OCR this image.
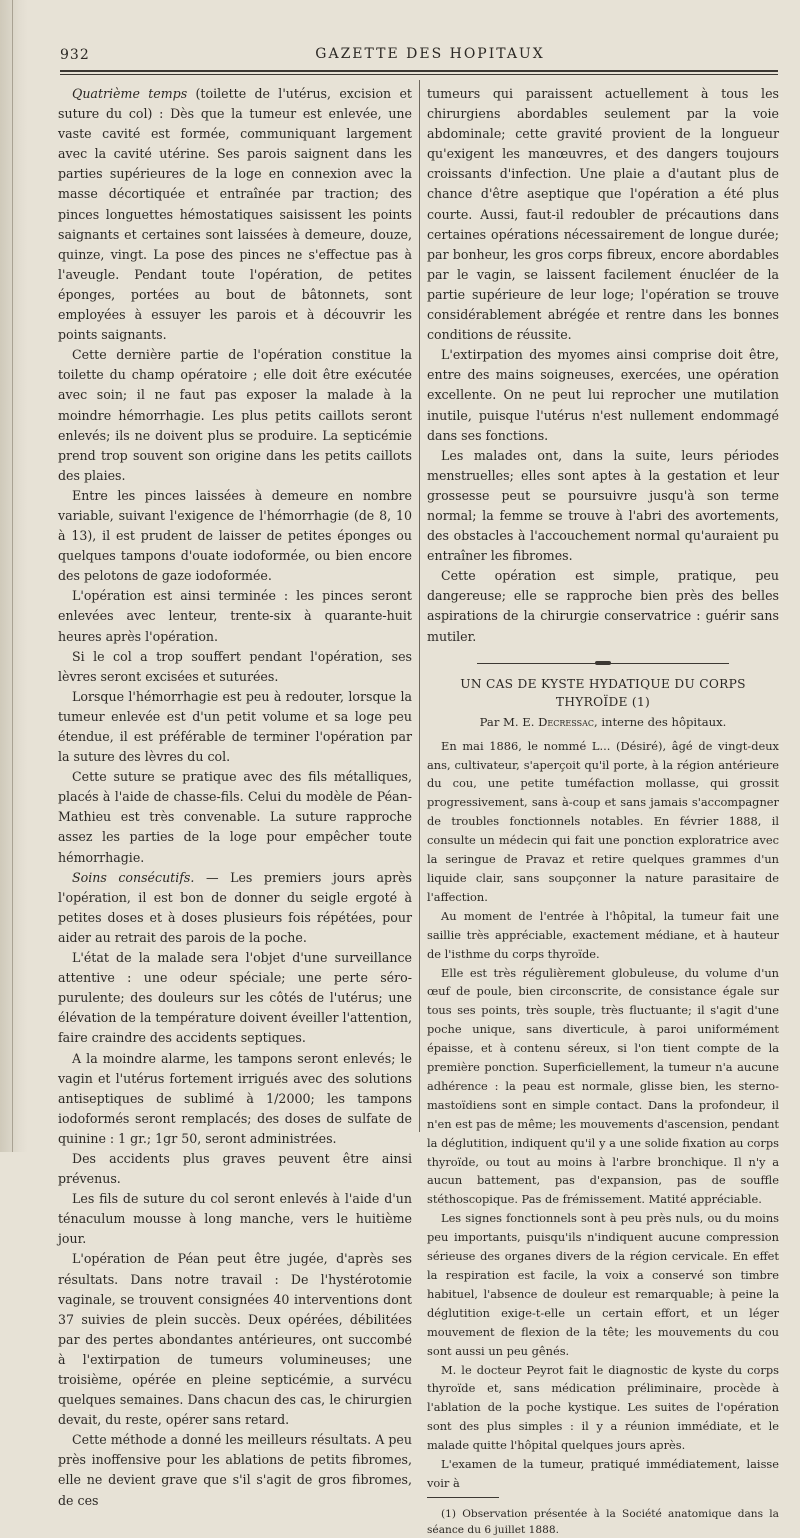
932	GAZETTE DES HOPITAUX

Quatrième temps (toilette de l'utérus, excision et suture du col) : Dès que la tumeur est enlevée, une vaste cavité est formée, communiquant largement avec la cavité utérine. Ses parois saignent dans les parties supérieures de la loge en connexion avec la masse décortiquée et entraînée par traction; des pinces longuettes hémostatiques saisissent les points saignants et certaines sont laissées à demeure, douze, quinze, vingt. La pose des pinces ne s'effectue pas à l'aveugle. Pendant toute l'opération, de petites éponges, portées au bout de bâtonnets, sont employées à essuyer les parois et à découvrir les points saignants.

Cette dernière partie de l'opération constitue la toilette du champ opératoire ; elle doit être exécutée avec soin; il ne faut pas exposer la malade à la moindre hémorrhagie. Les plus petits caillots seront enlevés; ils ne doivent plus se produire. La septicémie prend trop souvent son origine dans les petits caillots des plaies.

Entre les pinces laissées à demeure en nombre variable, suivant l'exigence de l'hémorrhagie (de 8, 10 à 13), il est prudent de laisser de petites éponges ou quelques tampons d'ouate iodoformée, ou bien encore des pelotons de gaze iodoformée.

L'opération est ainsi terminée : les pinces seront enlevées avec lenteur, trente-six à quarante-huit heures après l'opération.

Si le col a trop souffert pendant l'opération, ses lèvres seront excisées et suturées.

Lorsque l'hémorrhagie est peu à redouter, lorsque la tumeur enlevée est d'un petit volume et sa loge peu étendue, il est préférable de terminer l'opération par la suture des lèvres du col.

Cette suture se pratique avec des fils métalliques, placés à l'aide de chasse-fils. Celui du modèle de Péan-Mathieu est très convenable. La suture rapproche assez les parties de la loge pour empêcher toute hémorrhagie.

Soins consécutifs. — Les premiers jours après l'opération, il est bon de donner du seigle ergoté à petites doses et à doses plusieurs fois répétées, pour aider au retrait des parois de la poche.

L'état de la malade sera l'objet d'une surveillance attentive : une odeur spéciale; une perte séro-purulente; des douleurs sur les côtés de l'utérus; une élévation de la température doivent éveiller l'attention, faire craindre des accidents septiques.

A la moindre alarme, les tampons seront enlevés; le vagin et l'utérus fortement irrigués avec des solutions antiseptiques de sublimé à 1/2000; les tampons iodoformés seront remplacés; des doses de sulfate de quinine : 1 gr.; 1gr 50, seront administrées.

Des accidents plus graves peuvent être ainsi prévenus.

Les fils de suture du col seront enlevés à l'aide d'un ténaculum mousse à long manche, vers le huitième jour.

L'opération de Péan peut être jugée, d'après ses résultats. Dans notre travail : De l'hystérotomie vaginale, se trouvent consignées 40 interventions dont 37 suivies de plein succès. Deux opérées, débilitées par des pertes abondantes antérieures, ont succombé à l'extirpation de tumeurs volumineuses; une troisième, opérée en pleine septicémie, a survécu quelques semaines. Dans chacun des cas, le chirurgien devait, du reste, opérer sans retard.

Cette méthode a donné les meilleurs résultats. A peu près inoffensive pour les ablations de petits fibromes, elle ne devient grave que s'il s'agit de gros fibromes, de ces

tumeurs qui paraissent actuellement à tous les chirurgiens abordables seulement par la voie abdominale; cette gravité provient de la longueur qu'exigent les manœuvres, et des dangers toujours croissants d'infection. Une plaie a d'autant plus de chance d'être aseptique que l'opération a été plus courte. Aussi, faut-il redoubler de précautions dans certaines opérations nécessairement de longue durée; par bonheur, les gros corps fibreux, encore abordables par le vagin, se laissent facilement énucléer de la partie supérieure de leur loge; l'opération se trouve considérablement abrégée et rentre dans les bonnes conditions de réussite.

L'extirpation des myomes ainsi comprise doit être, entre des mains soigneuses, exercées, une opération excellente. On ne peut lui reprocher une mutilation inutile, puisque l'utérus n'est nullement endommagé dans ses fonctions.

Les malades ont, dans la suite, leurs périodes menstruelles; elles sont aptes à la gestation et leur grossesse peut se poursuivre jusqu'à son terme normal; la femme se trouve à l'abri des avortements, des obstacles à l'accouchement normal qu'auraient pu entraîner les fibromes.

Cette opération est simple, pratique, peu dangereuse; elle se rapproche bien près des belles aspirations de la chirurgie conservatrice : guérir sans mutiler.

UN CAS DE KYSTE HYDATIQUE DU CORPS THYROÏDE (1)
Par M. E. Decressac, interne des hôpitaux.

En mai 1886, le nommé L... (Désiré), âgé de vingt-deux ans, cultivateur, s'aperçoit qu'il porte, à la région antérieure du cou, une petite tuméfaction mollasse, qui grossit progressivement, sans à-coup et sans jamais s'accompagner de troubles fonctionnels notables. En février 1888, il consulte un médecin qui fait une ponction exploratrice avec la seringue de Pravaz et retire quelques grammes d'un liquide clair, sans soupçonner la nature parasitaire de l'affection.

Au moment de l'entrée à l'hôpital, la tumeur fait une saillie très appréciable, exactement médiane, et à hauteur de l'isthme du corps thyroïde.

Elle est très régulièrement globuleuse, du volume d'un œuf de poule, bien circonscrite, de consistance égale sur tous ses points, très souple, très fluctuante; il s'agit d'une poche unique, sans diverticule, à paroi uniformément épaisse, et à contenu séreux, si l'on tient compte de la première ponction. Superficiellement, la tumeur n'a aucune adhérence : la peau est normale, glisse bien, les sterno-mastoïdiens sont en simple contact. Dans la profondeur, il n'en est pas de même; les mouvements d'ascension, pendant la déglutition, indiquent qu'il y a une solide fixation au corps thyroïde, ou tout au moins à l'arbre bronchique. Il n'y a aucun battement, pas d'expansion, pas de souffle stéthoscopique. Pas de frémissement. Matité appréciable.

Les signes fonctionnels sont à peu près nuls, ou du moins peu importants, puisqu'ils n'indiquent aucune compression sérieuse des organes divers de la région cervicale. En effet la respiration est facile, la voix a conservé son timbre habituel, l'absence de douleur est remarquable; à peine la déglutition exige-t-elle un certain effort, et un léger mouvement de flexion de la tête; les mouvements du cou sont aussi un peu gênés.

M. le docteur Peyrot fait le diagnostic de kyste du corps thyroïde et, sans médication préliminaire, procède à l'ablation de la poche kystique. Les suites de l'opération sont des plus simples : il y a réunion immédiate, et le malade quitte l'hôpital quelques jours après.

L'examen de la tumeur, pratiqué immédiatement, laisse voir à

(1) Observation présentée à la Société anatomique dans la séance du 6 juillet 1888.
